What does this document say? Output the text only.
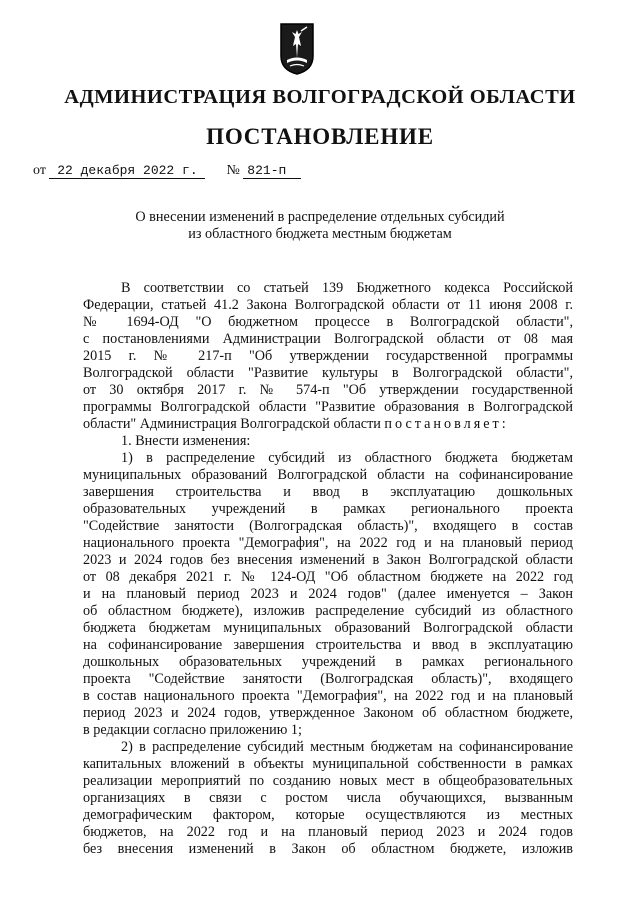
АДМИНИСТРАЦИЯ ВОЛГОГРАДСКОЙ ОБЛАСТИ
ПОСТАНОВЛЕНИЕ
от 22 декабря 2022 г. № 821-п
О внесении изменений в распределение отдельных субсидий
из областного бюджета местным бюджетам

В соответствии со статьей 139 Бюджетного кодекса Российской

Федерации, статьей 41.2 Закона Волгоградской области от 11 июня 2008 г.

№ 1694-ОД "О бюджетном процессе в Волгоградской области",

с постановлениями Администрации Волгоградской области от 08 мая

2015 г. № 217-п "Об утверждении государственной программы

Волгоградской области "Развитие культуры в Волгоградской области",

от 30 октября 2017 г. № 574-п "Об утверждении государственной

программы Волгоградской области "Развитие образования в Волгоградской

области" Администрация Волгоградской области постановляет:

1. Внести изменения:

1) в распределение субсидий из областного бюджета бюджетам

муниципальных образований Волгоградской области на софинансирование

завершения строительства и ввод в эксплуатацию дошкольных

образовательных учреждений в рамках регионального проекта

"Содействие занятости (Волгоградская область)", входящего в состав

национального проекта "Демография", на 2022 год и на плановый период

2023 и 2024 годов без внесения изменений в Закон Волгоградской области

от 08 декабря 2021 г. № 124-ОД "Об областном бюджете на 2022 год

и на плановый период 2023 и 2024 годов" (далее именуется – Закон

об областном бюджете), изложив распределение субсидий из областного

бюджета бюджетам муниципальных образований Волгоградской области

на софинансирование завершения строительства и ввод в эксплуатацию

дошкольных образовательных учреждений в рамках регионального

проекта "Содействие занятости (Волгоградская область)", входящего

в состав национального проекта "Демография", на 2022 год и на плановый

период 2023 и 2024 годов, утвержденное Законом об областном бюджете,

в редакции согласно приложению 1;

2) в распределение субсидий местным бюджетам на софинансирование

капитальных вложений в объекты муниципальной собственности в рамках

реализации мероприятий по созданию новых мест в общеобразовательных

организациях в связи с ростом числа обучающихся, вызванным

демографическим фактором, которые осуществляются из местных

бюджетов, на 2022 год и на плановый период 2023 и 2024 годов

без внесения изменений в Закон об областном бюджете, изложив
